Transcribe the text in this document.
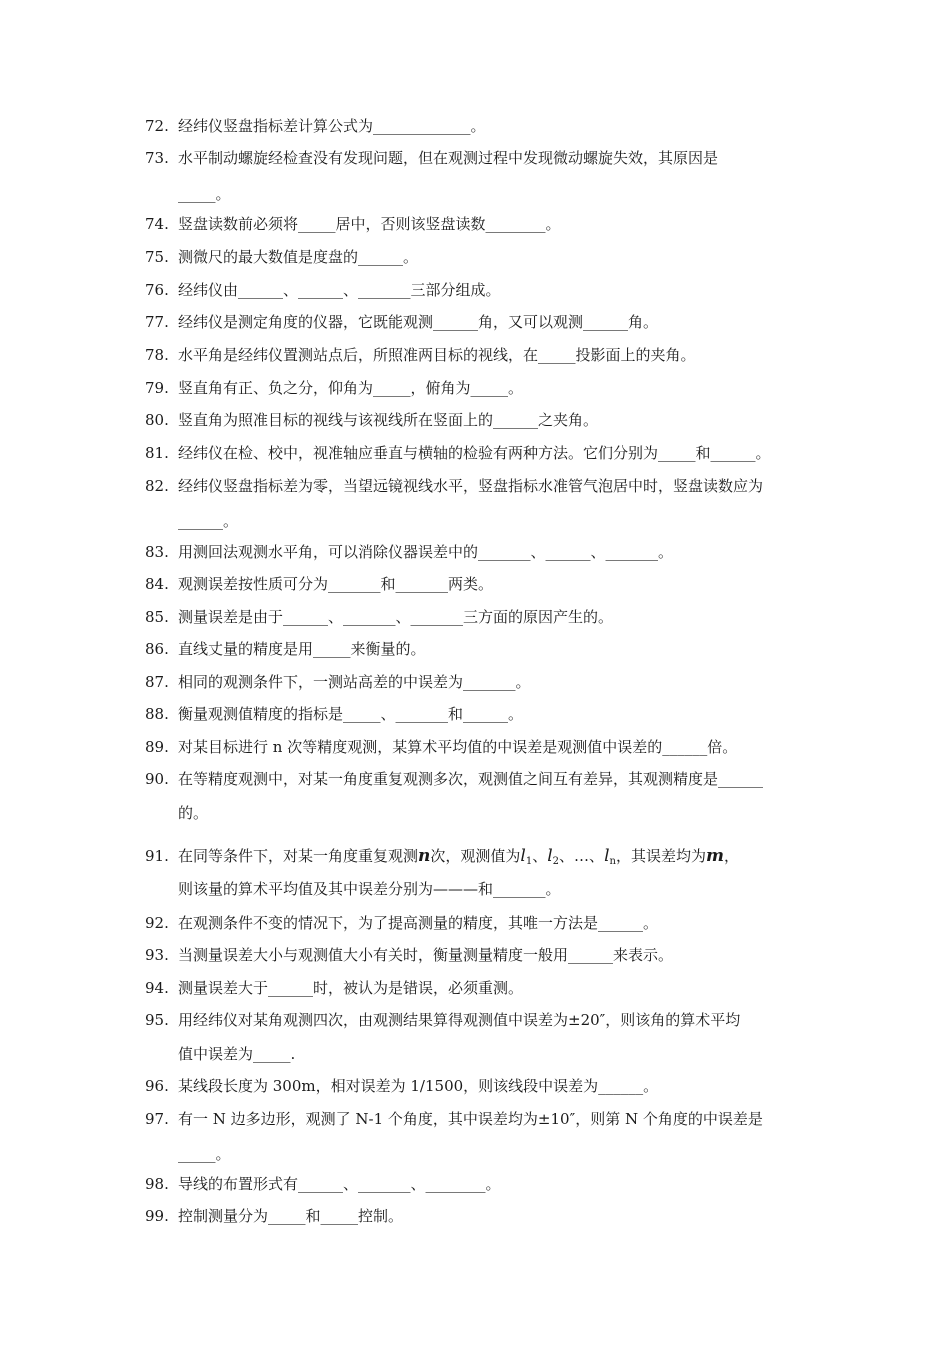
72. 经纬仪竖盘指标差计算公式为_____________。
73. 水平制动螺旋经检查没有发现问题，但在观测过程中发现微动螺旋失效，其原因是
_____。
74. 竖盘读数前必须将_____居中，否则该竖盘读数________。
75. 测微尺的最大数值是度盘的______。
76. 经纬仪由______、______、_______三部分组成。
77. 经纬仪是测定角度的仪器，它既能观测______角，又可以观测______角。
78. 水平角是经纬仪置测站点后，所照准两目标的视线，在_____投影面上的夹角。
79. 竖直角有正、负之分，仰角为_____，俯角为_____。
80. 竖直角为照准目标的视线与该视线所在竖面上的______之夹角。
81. 经纬仪在检、校中，视准轴应垂直与横轴的检验有两种方法。它们分别为_____和______。
82. 经纬仪竖盘指标差为零，当望远镜视线水平，竖盘指标水准管气泡居中时，竖盘读数应为
______。
83. 用测回法观测水平角，可以消除仪器误差中的_______、______、_______。
84. 观测误差按性质可分为_______和_______两类。
85. 测量误差是由于______、_______、_______三方面的原因产生的。
86. 直线丈量的精度是用_____来衡量的。
87. 相同的观测条件下，一测站高差的中误差为_______。
88. 衡量观测值精度的指标是_____、_______和______。
89. 对某目标进行 n 次等精度观测，某算术平均值的中误差是观测值中误差的______倍。
90. 在等精度观测中，对某一角度重复观测多次，观测值之间互有差异，其观测精度是______
的。
91. 在同等条件下，对某一角度重复观测n次，观测值为$l_1$、$l_2$、…、$l_n$，其误差均为m，
则该量的算术平均值及其中误差分别为———和_______。
92. 在观测条件不变的情况下，为了提高测量的精度，其唯一方法是______。
93. 当测量误差大小与观测值大小有关时，衡量测量精度一般用______来表示。
94. 测量误差大于______时，被认为是错误，必须重测。
95. 用经纬仪对某角观测四次，由观测结果算得观测值中误差为±20″，则该角的算术平均
值中误差为_____.
96. 某线段长度为 300m，相对误差为 1/1500，则该线段中误差为______。
97. 有一 N 边多边形，观测了 N-1 个角度，其中误差均为±10″，则第 N 个角度的中误差是
_____。
98. 导线的布置形式有______、_______、________。
99. 控制测量分为_____和_____控制。
